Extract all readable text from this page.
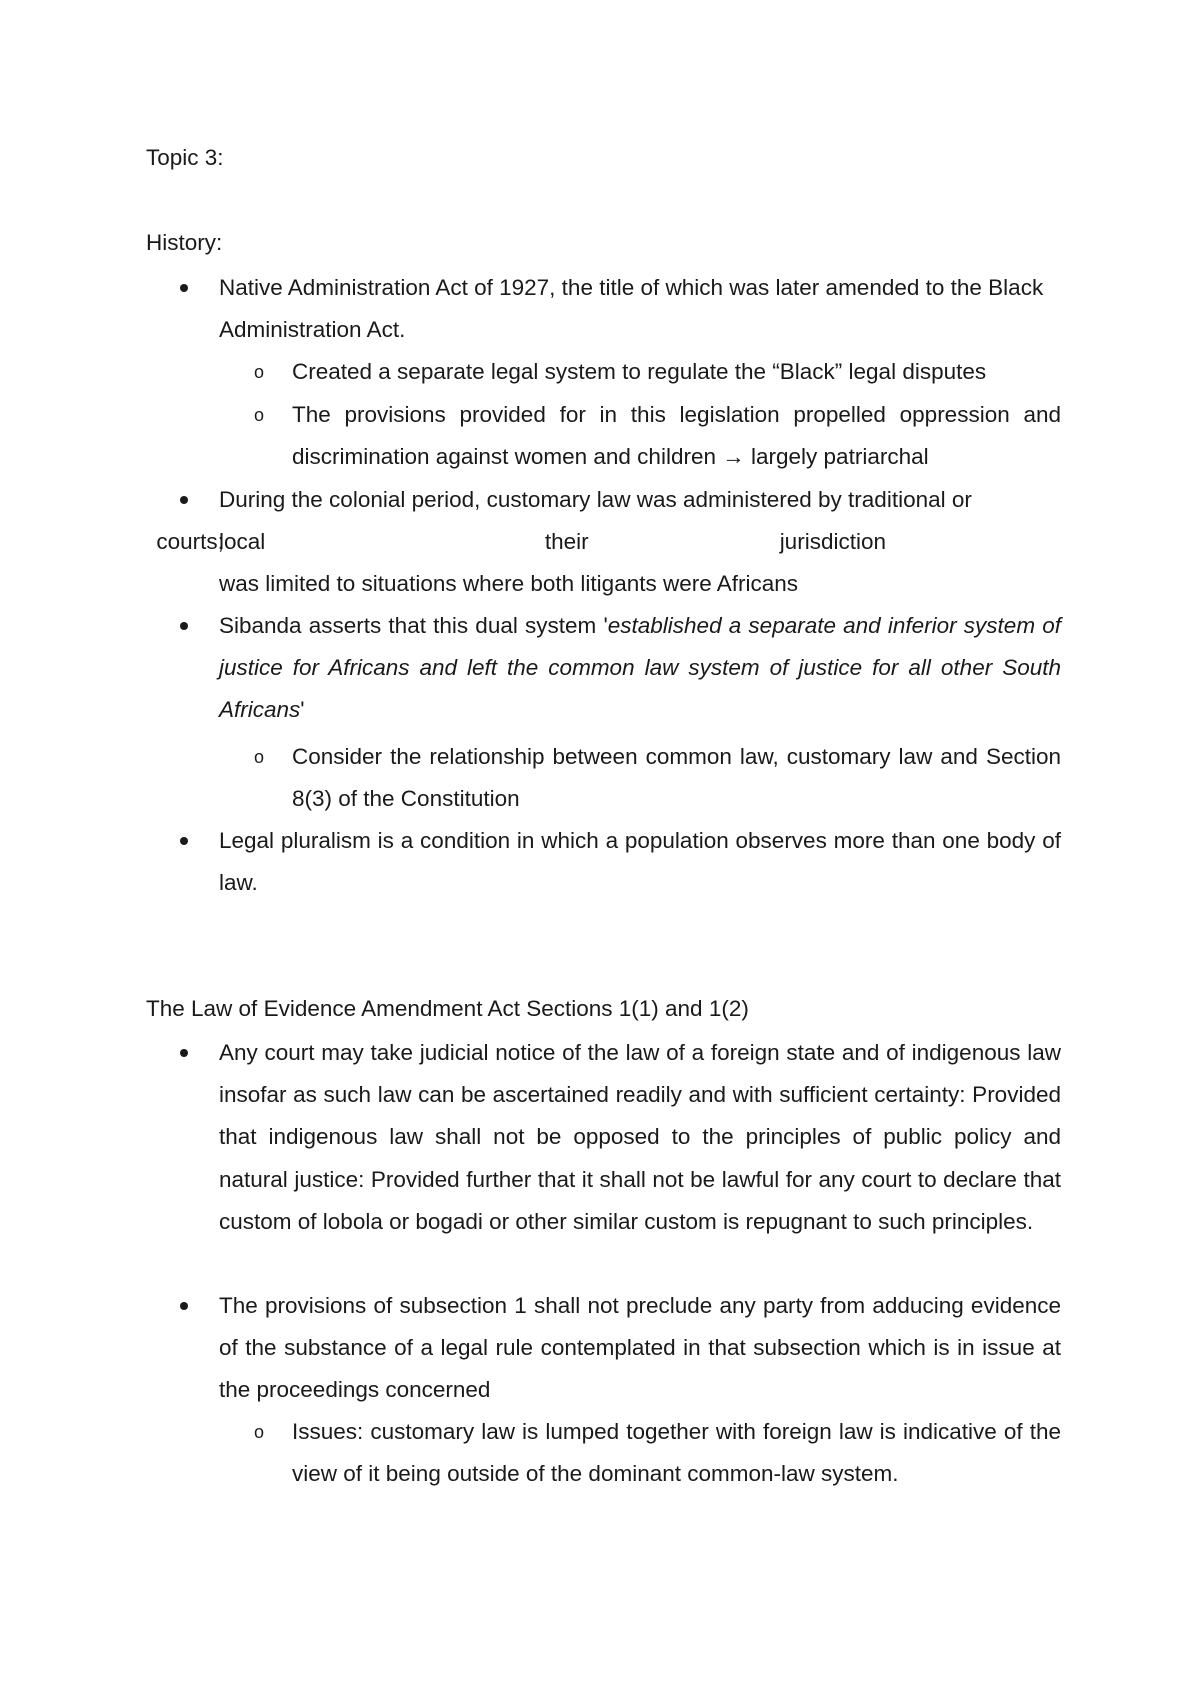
Topic 3:
History:
Native Administration Act of 1927, the title of which was later amended to the Black Administration Act.
o Created a separate legal system to regulate the “Black” legal disputes
o The provisions provided for in this legislation propelled oppression and discrimination against women and children → largely patriarchal
During the colonial period, customary law was administered by traditional or
local
courts;	their	jurisdiction
was limited to situations where both litigants were Africans
Sibanda asserts that this dual system 'established a separate and inferior system of justice for Africans and left the common law system of justice for all other South Africans'
o Consider the relationship between common law, customary law and Section 8(3) of the Constitution
Legal pluralism is a condition in which a population observes more than one body of law.
The Law of Evidence Amendment Act Sections 1(1) and 1(2)
Any court may take judicial notice of the law of a foreign state and of indigenous law insofar as such law can be ascertained readily and with sufficient certainty: Provided that indigenous law shall not be opposed to the principles of public policy and natural justice: Provided further that it shall not be lawful for any court to declare that custom of lobola or bogadi or other similar custom is repugnant to such principles.
The provisions of subsection 1 shall not preclude any party from adducing evidence of the substance of a legal rule contemplated in that subsection which is in issue at the proceedings concerned
o Issues: customary law is lumped together with foreign law is indicative of the view of it being outside of the dominant common-law system.
